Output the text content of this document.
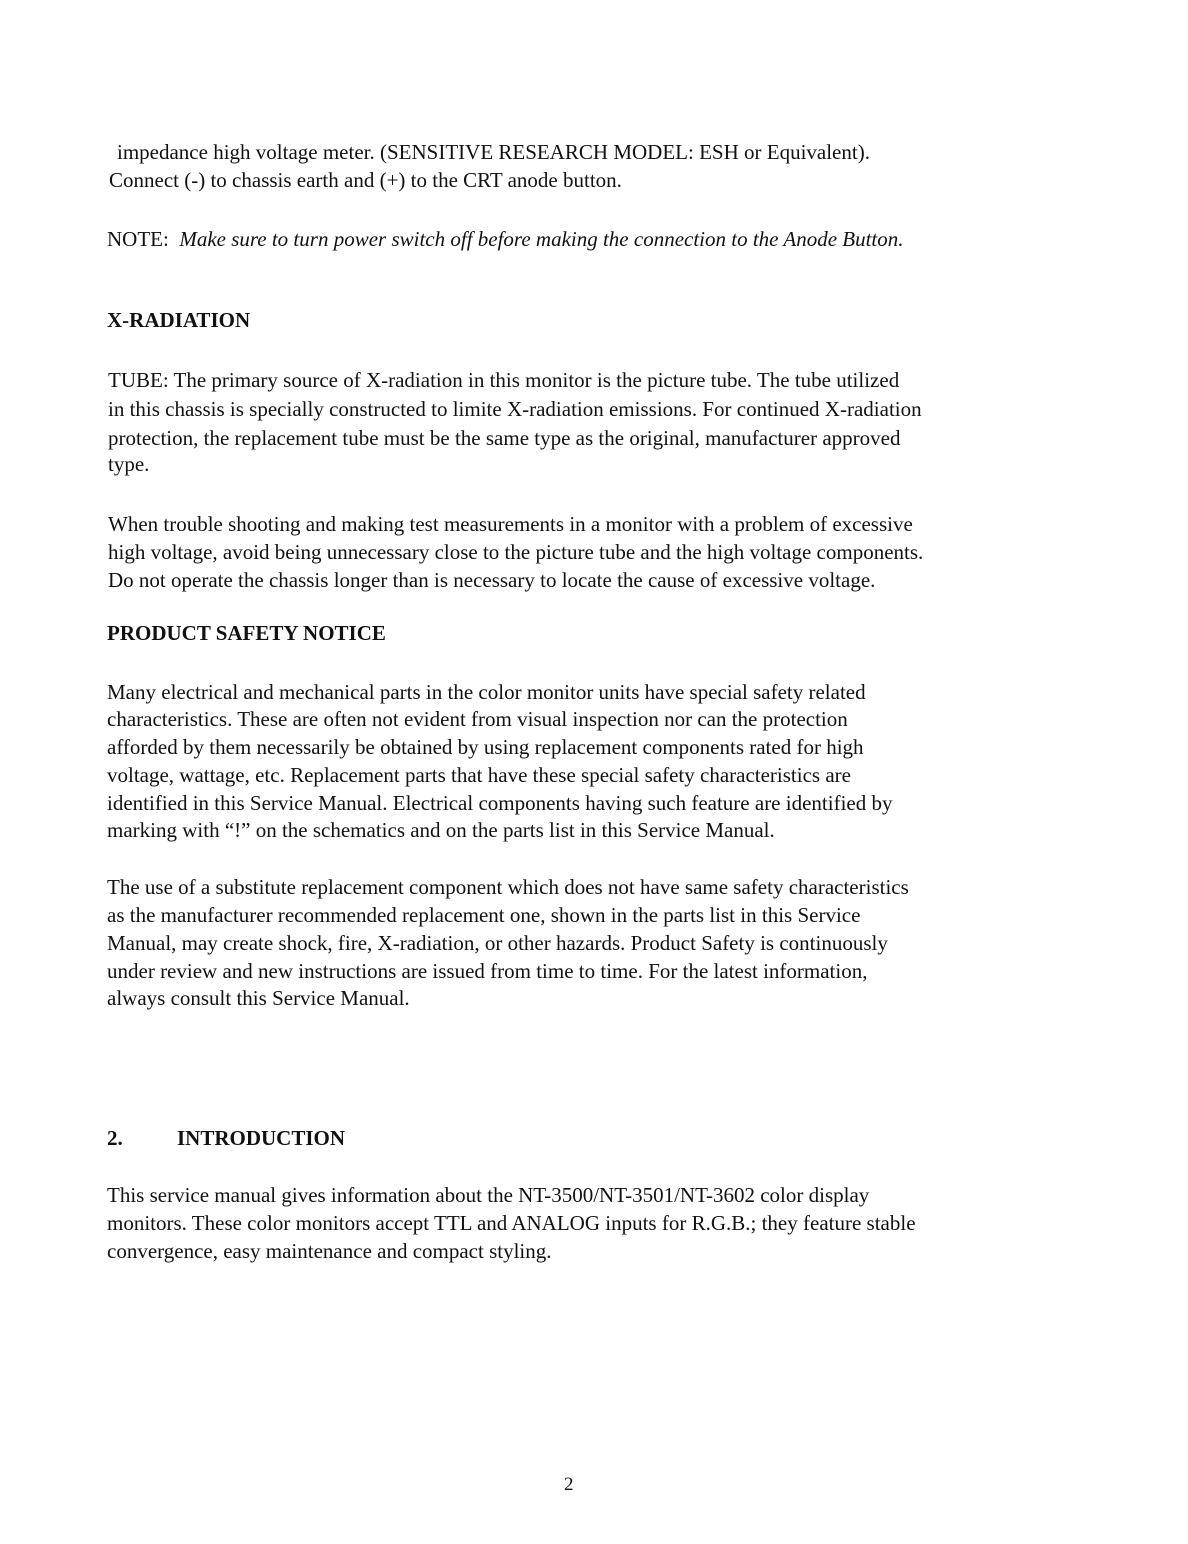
impedance high voltage meter. (SENSITIVE RESEARCH MODEL: ESH or Equivalent).

Connect (-) to chassis earth and (+) to the CRT anode button.

NOTE: Make sure to turn power switch off before making the connection to the Anode Button.

X-RADIATION

TUBE: The primary source of X-radiation in this monitor is the picture tube. The tube utilized

in this chassis is specially constructed to limite X-radiation emissions. For continued X-radiation

protection, the replacement tube must be the same type as the original, manufacturer approved

type.

When trouble shooting and making test measurements in a monitor with a problem of excessive

high voltage, avoid being unnecessary close to the picture tube and the high voltage components.

Do not operate the chassis longer than is necessary to locate the cause of excessive voltage.

PRODUCT SAFETY NOTICE

Many electrical and mechanical parts in the color monitor units have special safety related

characteristics. These are often not evident from visual inspection nor can the protection

afforded by them necessarily be obtained by using replacement components rated for high

voltage, wattage, etc. Replacement parts that have these special safety characteristics are

identified in this Service Manual. Electrical components having such feature are identified by

marking with “!” on the schematics and on the parts list in this Service Manual.

The use of a substitute replacement component which does not have same safety characteristics

as the manufacturer recommended replacement one, shown in the parts list in this Service

Manual, may create shock, fire, X-radiation, or other hazards. Product Safety is continuously

under review and new instructions are issued from time to time. For the latest information,

always consult this Service Manual.

2.	INTRODUCTION

This service manual gives information about the NT-3500/NT-3501/NT-3602 color display

monitors. These color monitors accept TTL and ANALOG inputs for R.G.B.; they feature stable

convergence, easy maintenance and compact styling.

2
